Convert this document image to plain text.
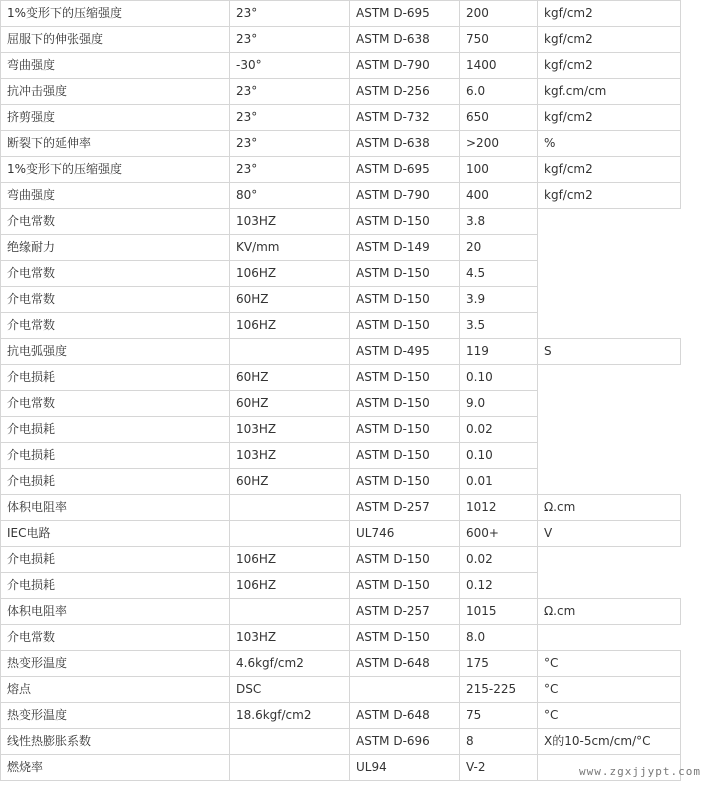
1%变形下的压缩强度	23°	ASTM D-695	200	kgf/cm2
屈服下的伸张强度	23°	ASTM D-638	750	kgf/cm2
弯曲强度	-30°	ASTM D-790	1400	kgf/cm2
抗冲击强度	23°	ASTM D-256	6.0	kgf.cm/cm
挤剪强度	23°	ASTM D-732	650	kgf/cm2
断裂下的延伸率	23°	ASTM D-638	>200	%
1%变形下的压缩强度	23°	ASTM D-695	100	kgf/cm2
弯曲强度	80°	ASTM D-790	400	kgf/cm2
介电常数	103HZ	ASTM D-150	3.8	
绝缘耐力	KV/mm	ASTM D-149	20	
介电常数	106HZ	ASTM D-150	4.5	
介电常数	60HZ	ASTM D-150	3.9	
介电常数	106HZ	ASTM D-150	3.5	
抗电弧强度		ASTM D-495	119	S
介电损耗	60HZ	ASTM D-150	0.10	
介电常数	60HZ	ASTM D-150	9.0	
介电损耗	103HZ	ASTM D-150	0.02	
介电损耗	103HZ	ASTM D-150	0.10	
介电损耗	60HZ	ASTM D-150	0.01	
体积电阻率		ASTM D-257	1012	Ω.cm
IEC电路		UL746	600+	V
介电损耗	106HZ	ASTM D-150	0.02	
介电损耗	106HZ	ASTM D-150	0.12	
体积电阻率		ASTM D-257	1015	Ω.cm
介电常数	103HZ	ASTM D-150	8.0	
热变形温度	4.6kgf/cm2	ASTM D-648	175	°C
熔点	DSC		215-225	°C
热变形温度	18.6kgf/cm2	ASTM D-648	75	°C
线性热膨胀系数		ASTM D-696	8	X的10-5cm/cm/°C
燃烧率		UL94	V-2		www.zgxjjypt.com
